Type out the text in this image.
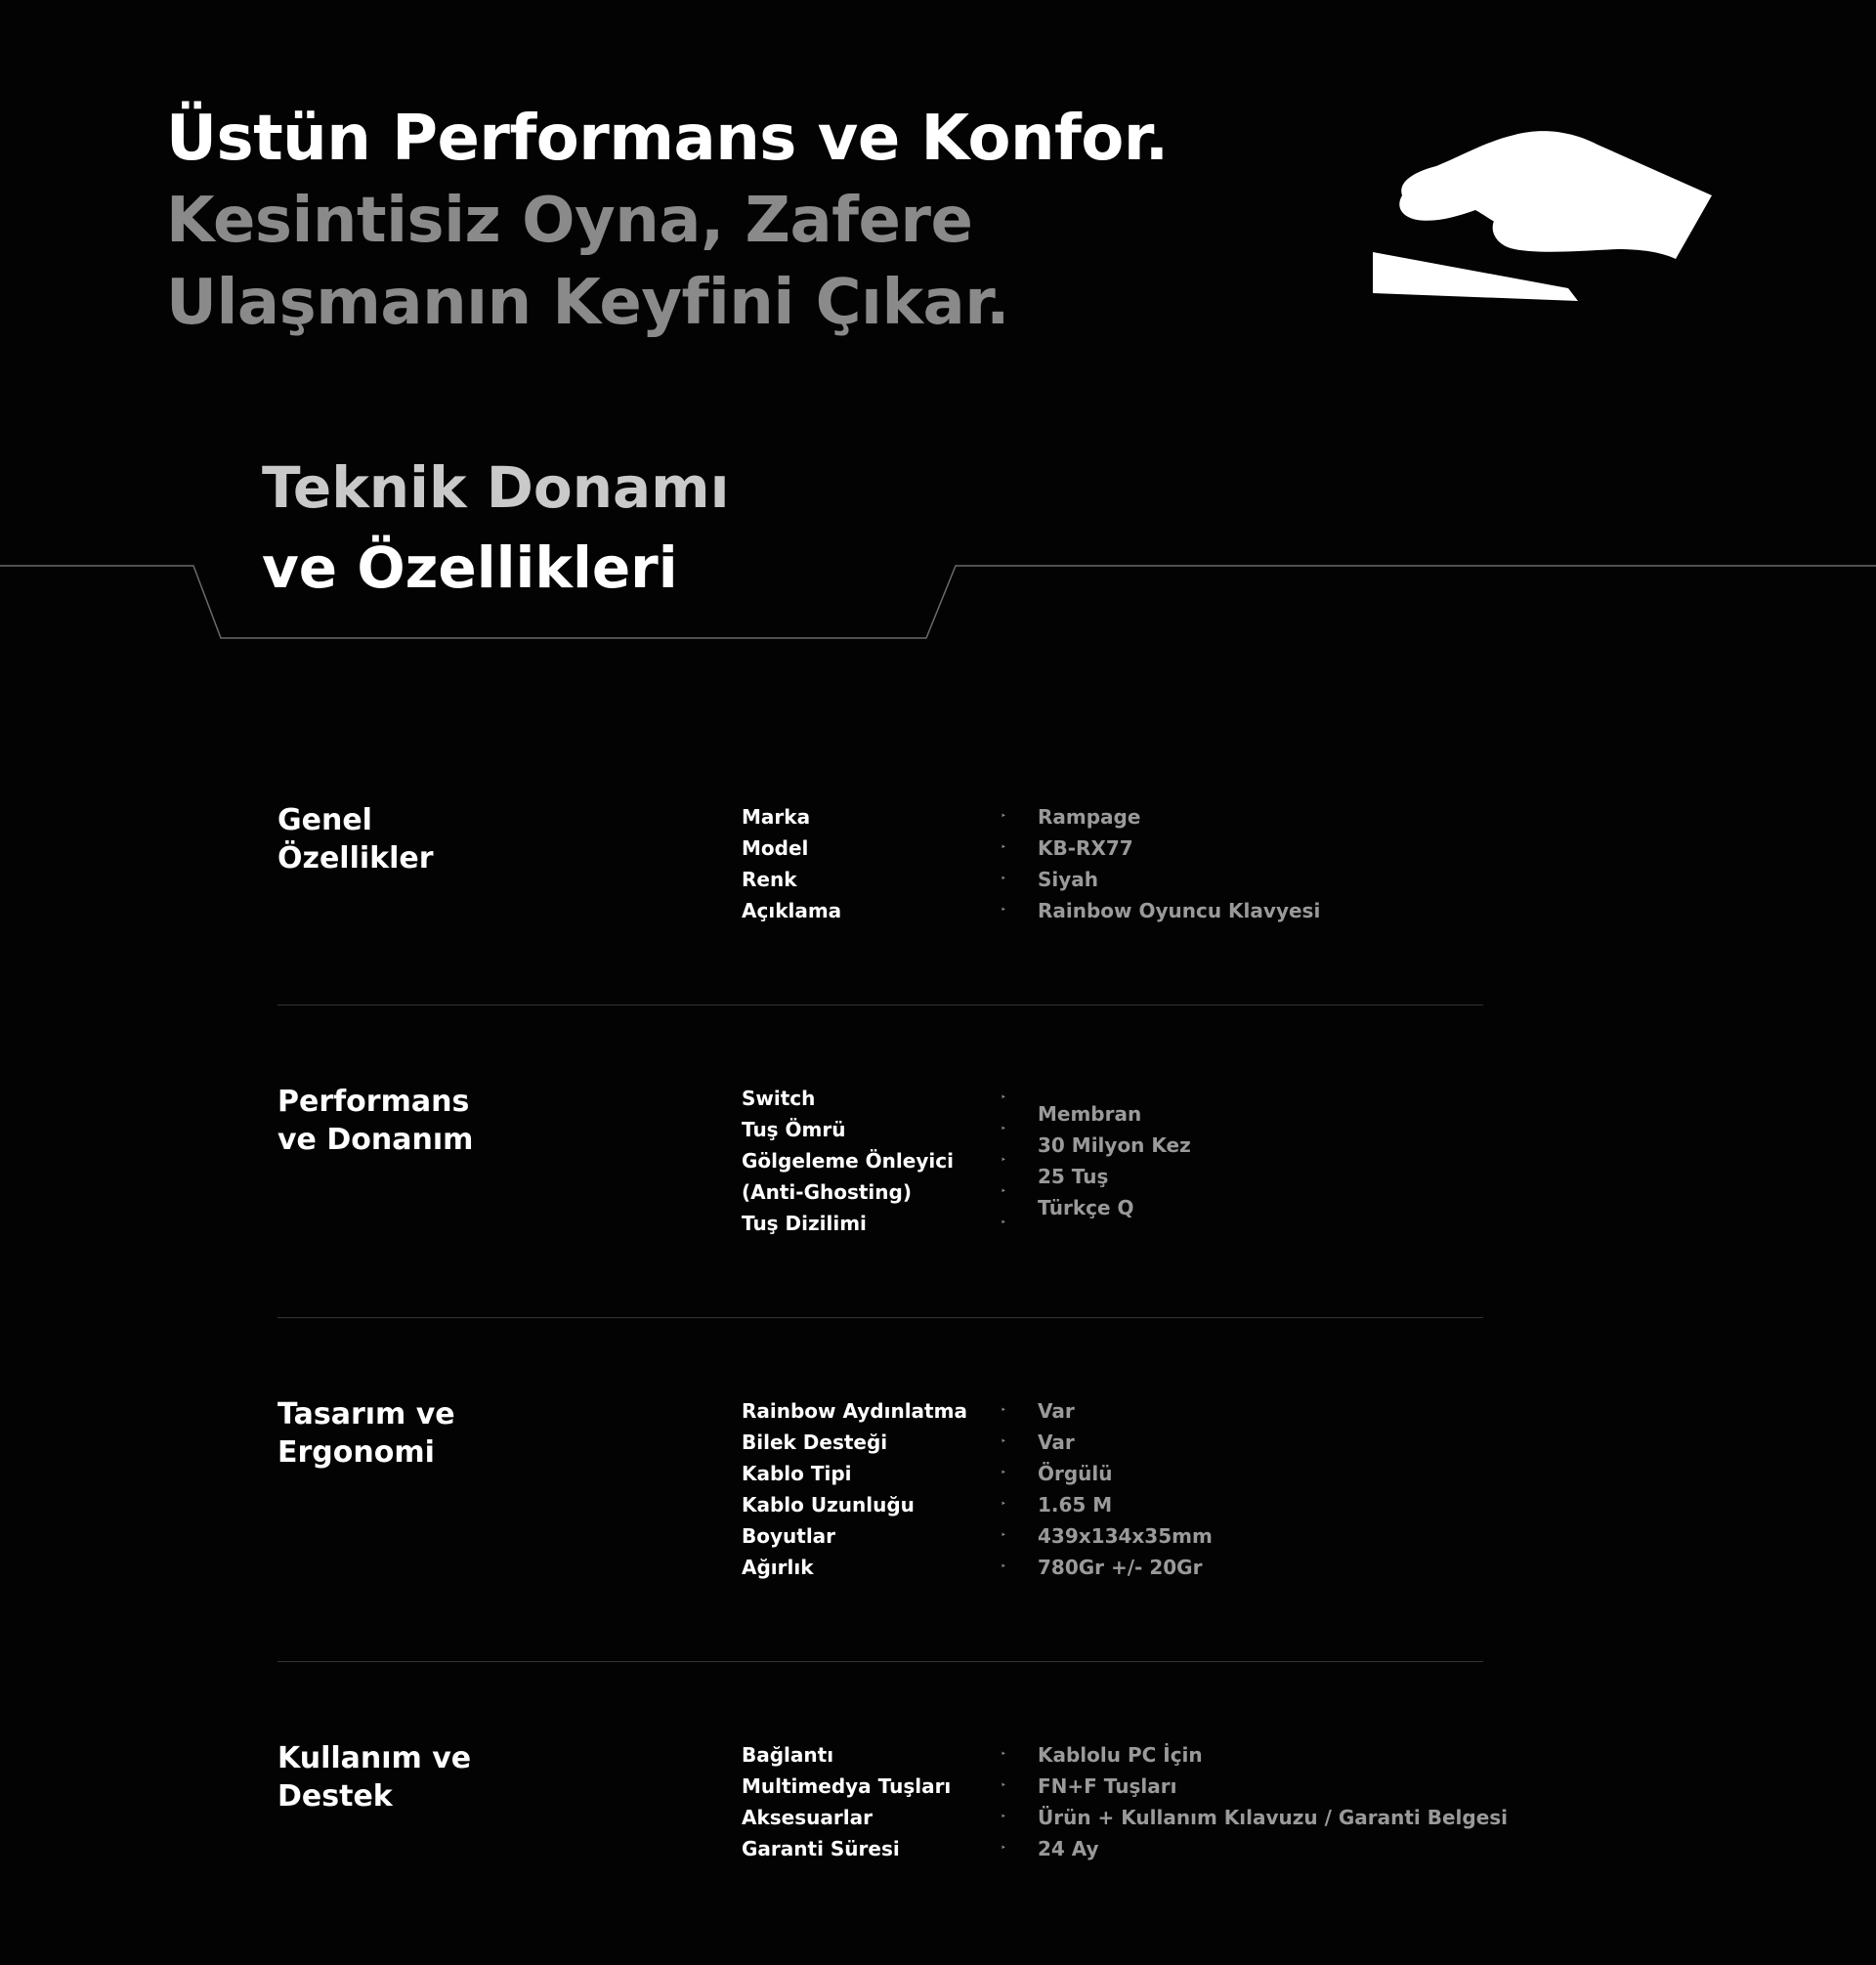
Üstün Performans ve Konfor.
Kesintisiz Oyna, Zafere
Ulaşmanın Keyfini Çıkar.
Teknik Donamı
ve Özellikleri
Genel
Özellikler
Marka
Model
Renk
Açıklama
‣
‣
‣
‣
Rampage
KB-RX77
Siyah
Rainbow Oyuncu Klavyesi
Performans
ve Donanım
Switch
Tuş Ömrü
Gölgeleme Önleyici
(Anti-Ghosting)
Tuş Dizilimi
‣
‣
‣
‣
‣
Membran
30 Milyon Kez
25 Tuş
Türkçe Q
Tasarım ve
Ergonomi
Rainbow Aydınlatma
Bilek Desteği
Kablo Tipi
Kablo Uzunluğu
Boyutlar
Ağırlık
‣
‣
‣
‣
‣
‣
Var
Var
Örgülü
1.65 M
439x134x35mm
780Gr +/- 20Gr
Kullanım ve
Destek
Bağlantı
Multimedya Tuşları
Aksesuarlar
Garanti Süresi
‣
‣
‣
‣
Kablolu PC İçin
FN+F Tuşları
Ürün + Kullanım Kılavuzu / Garanti Belgesi
24 Ay
